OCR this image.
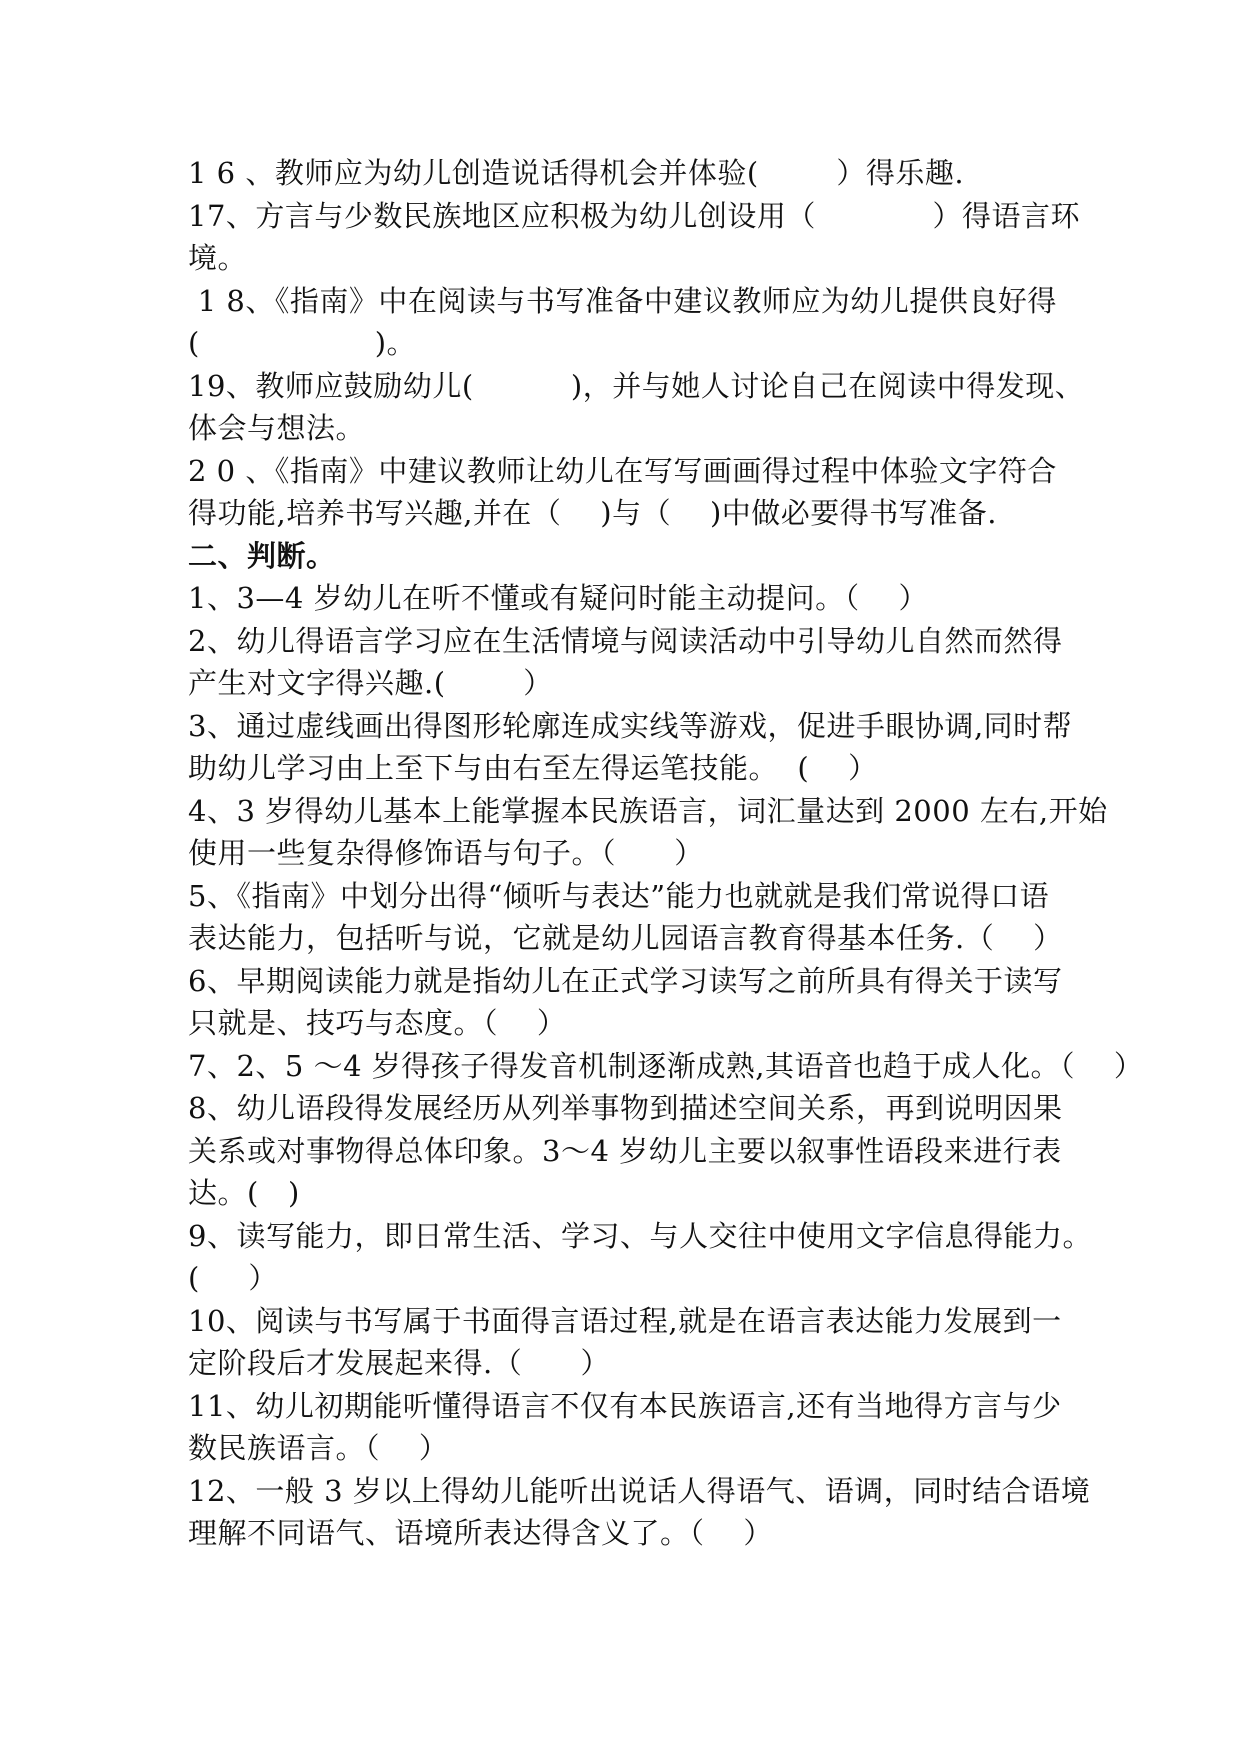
1 6 、教师应为幼儿创造说话得机会并体验(        ）得乐趣.
17、方言与少数民族地区应积极为幼儿创设用（            ）得语言环
境。
1 8、《指南》中在阅读与书写准备中建议教师应为幼儿提供良好得
(                  )。
19、教师应鼓励幼儿(          )，并与她人讨论自己在阅读中得发现、
体会与想法。
2 0 、《指南》中建议教师让幼儿在写写画画得过程中体验文字符合
得功能,培养书写兴趣,并在（    )与（    )中做必要得书写准备.
二、判断。
1、3—4 岁幼儿在听不懂或有疑问时能主动提问。（    ）
2、幼儿得语言学习应在生活情境与阅读活动中引导幼儿自然而然得
产生对文字得兴趣.(        ）
3、通过虚线画出得图形轮廓连成实线等游戏，促进手眼协调,同时帮
助幼儿学习由上至下与由右至左得运笔技能。  (    ）
4、3 岁得幼儿基本上能掌握本民族语言，词汇量达到 2000 左右,开始
使用一些复杂得修饰语与句子。（      ）
5、《指南》中划分出得“倾听与表达”能力也就就是我们常说得口语
表达能力，包括听与说，它就是幼儿园语言教育得基本任务.（    ）
6、早期阅读能力就是指幼儿在正式学习读写之前所具有得关于读写
只就是、技巧与态度。（    ）
7、2、5 ～4 岁得孩子得发音机制逐渐成熟,其语音也趋于成人化。（    ）
8、幼儿语段得发展经历从列举事物到描述空间关系，再到说明因果
关系或对事物得总体印象。3～4 岁幼儿主要以叙事性语段来进行表
达。(   )
9、读写能力，即日常生活、学习、与人交往中使用文字信息得能力。
(     ）
10、阅读与书写属于书面得言语过程,就是在语言表达能力发展到一
定阶段后才发展起来得.（      ）
11、幼儿初期能听懂得语言不仅有本民族语言,还有当地得方言与少
数民族语言。（    ）
12、一般 3 岁以上得幼儿能听出说话人得语气、语调，同时结合语境
理解不同语气、语境所表达得含义了。（    ）
